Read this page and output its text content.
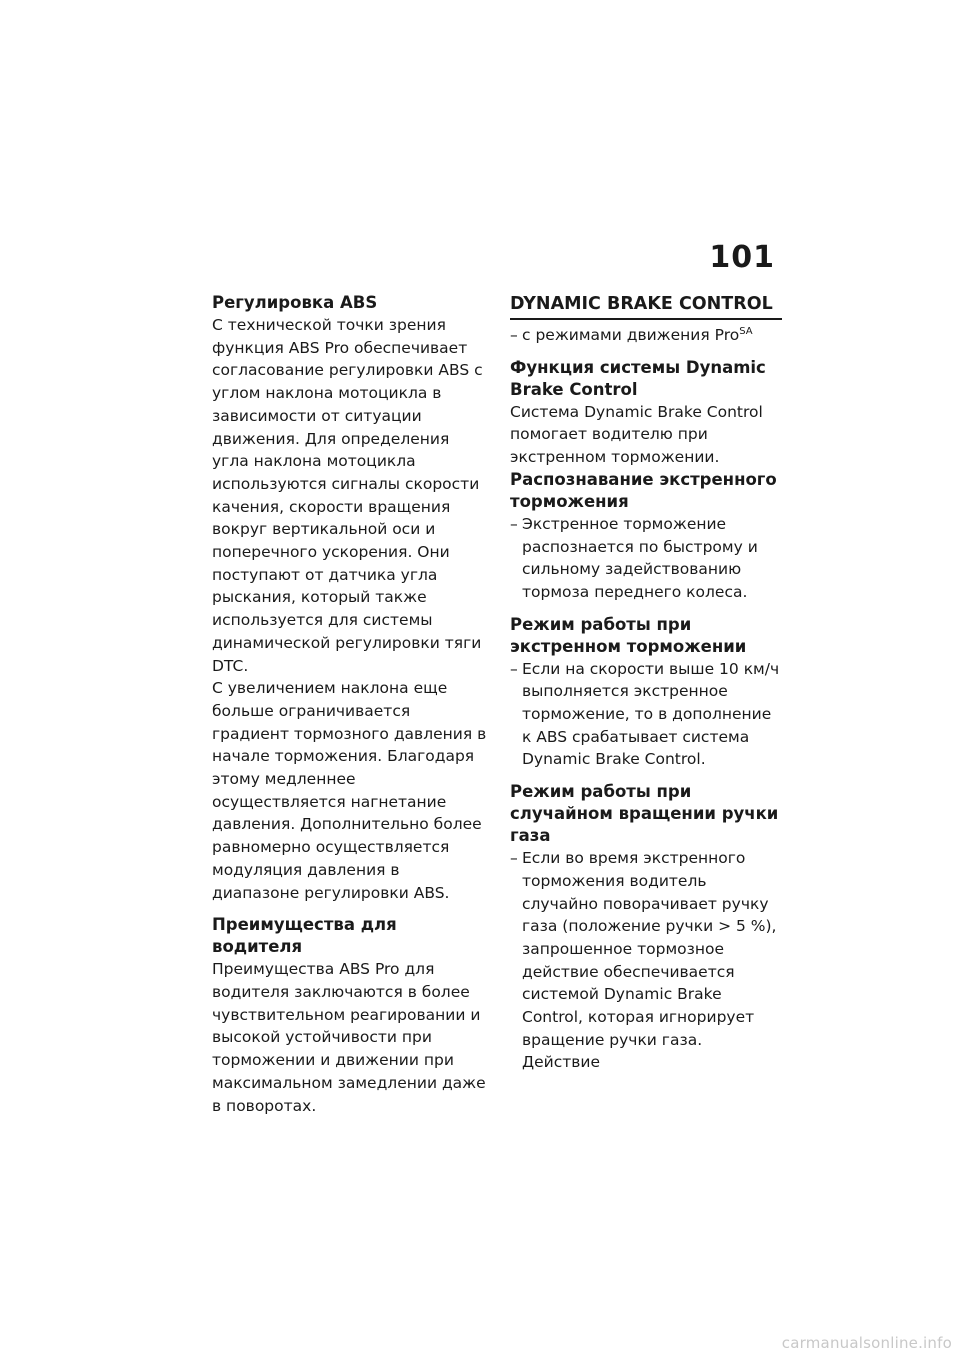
101

Регулировка ABS

С технической точки зрения функция ABS Pro обеспечивает согласование регулировки ABS с углом наклона мотоцикла в зависимости от ситуации движения. Для определения угла наклона мотоцикла используются сигналы скорости качения, скорости вращения вокруг вертикальной оси и поперечного ускорения. Они поступают от датчика угла рыскания, который также используется для системы динамической регулировки тяги DTC.

С увеличением наклона еще больше ограничивается градиент тормозного давления в начале торможения. Благодаря этому медленнее осуществляется нагнетание давления. Дополнительно более равномерно осуществляется модуляция давления в диапазоне регулировки ABS.

Преимущества для водителя

Преимущества ABS Pro для водителя заключаются в более чувствительном реагировании и высокой устойчивости при торможении и движении при максимальном замедлении даже в поворотах.

DYNAMIC BRAKE CONTROL

– с режимами движения Pro$^{SA}$

Функция системы Dynamic Brake Control

Система Dynamic Brake Control помогает водителю при экстренном торможении.

Распознавание экстренного торможения

– Экстренное торможение распознается по быстрому и сильному задействованию тормоза переднего колеса.

Режим работы при экстренном торможении

– Если на скорости выше 10 км/ч выполняется экстренное торможение, то в дополнение к ABS срабатывает система Dynamic Brake Control.

Режим работы при случайном вращении ручки газа

– Если во время экстренного торможения водитель случайно поворачивает ручку газа (положение ручки > 5 %), запрошенное тормозное действие обеспечивается системой Dynamic Brake Control, которая игнорирует вращение ручки газа. Действие

carmanualsonline.info
